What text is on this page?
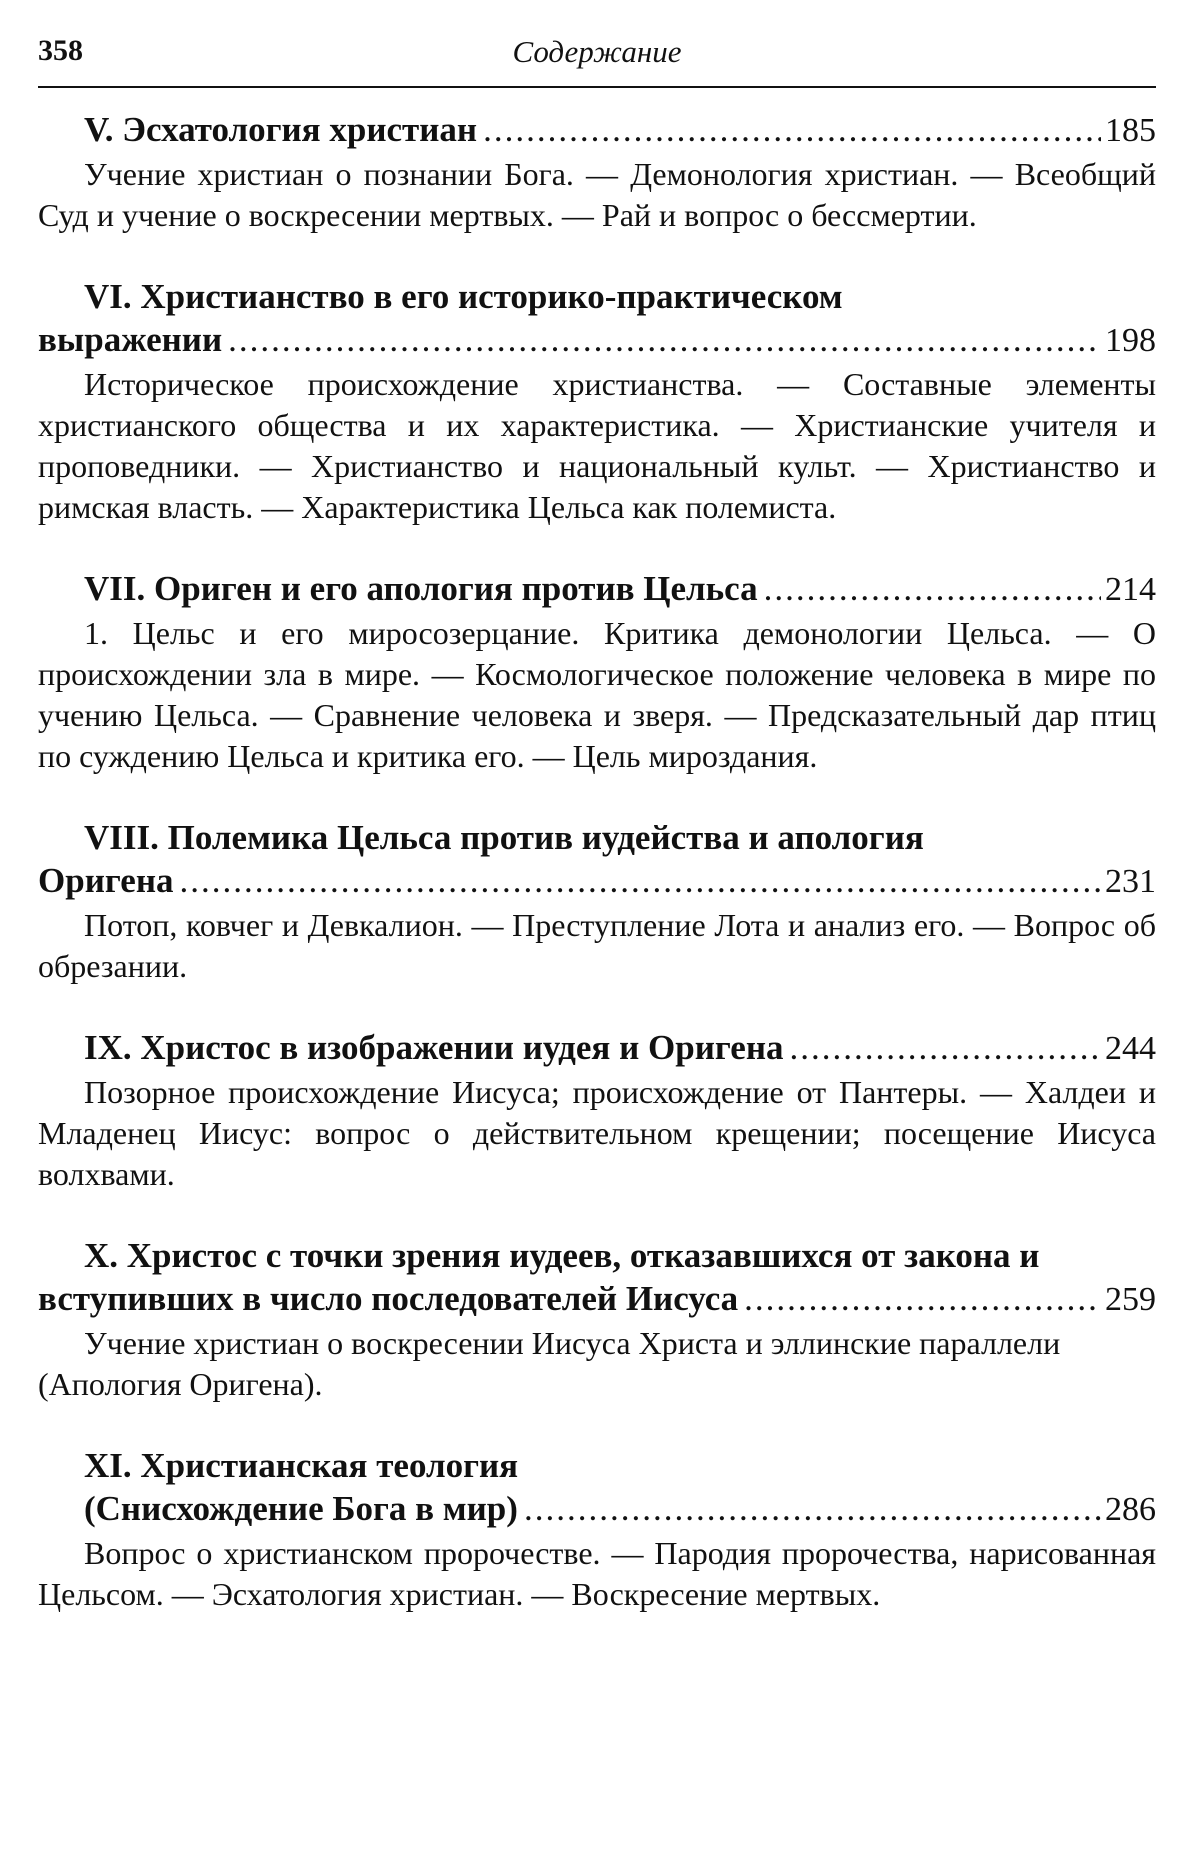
358	Содержание
V. Эсхатология христиан .....	185
Учение христиан о познании Бога. — Демонология христиан. — Всеобщий Суд и учение о воскресении мертвых. — Рай и вопрос о бессмертии.
VI. Христианство в его историко-практическом
выражении .....	198
Историческое происхождение христианства. — Составные элементы христианского общества и их характеристика. — Христианские учителя и проповедники. — Христианство и национальный культ. — Христианство и римская власть. — Характеристика Цельса как полемиста.
VII. Ориген и его апология против Цельса .....	214
1. Цельс и его миросозерцание. Критика демонологии Цельса. — О происхождении зла в мире. — Космологическое положение человека в мире по учению Цельса. — Сравнение человека и зверя. — Предсказательный дар птиц по суждению Цельса и критика его. — Цель мироздания.
VIII. Полемика Цельса против иудейства и апология
Оригена .....	231
Потоп, ковчег и Девкалион. — Преступление Лота и анализ его. — Вопрос об обрезании.
IX. Христос в изображении иудея и Оригена .....	244
Позорное происхождение Иисуса; происхождение от Пантеры. — Халдеи и Младенец Иисус: вопрос о действительном крещении; посещение Иисуса волхвами.
X. Христос с точки зрения иудеев, отказавшихся от закона и
вступивших в число последователей Иисуса .....	259
Учение христиан о воскресении Иисуса Христа и эллинские параллели (Апология Оригена).
XI. Христианская теология
(Снисхождение Бога в мир) .....	286
Вопрос о христианском пророчестве. — Пародия пророчества, нарисованная Цельсом. — Эсхатология христиан. — Воскресение мертвых.
